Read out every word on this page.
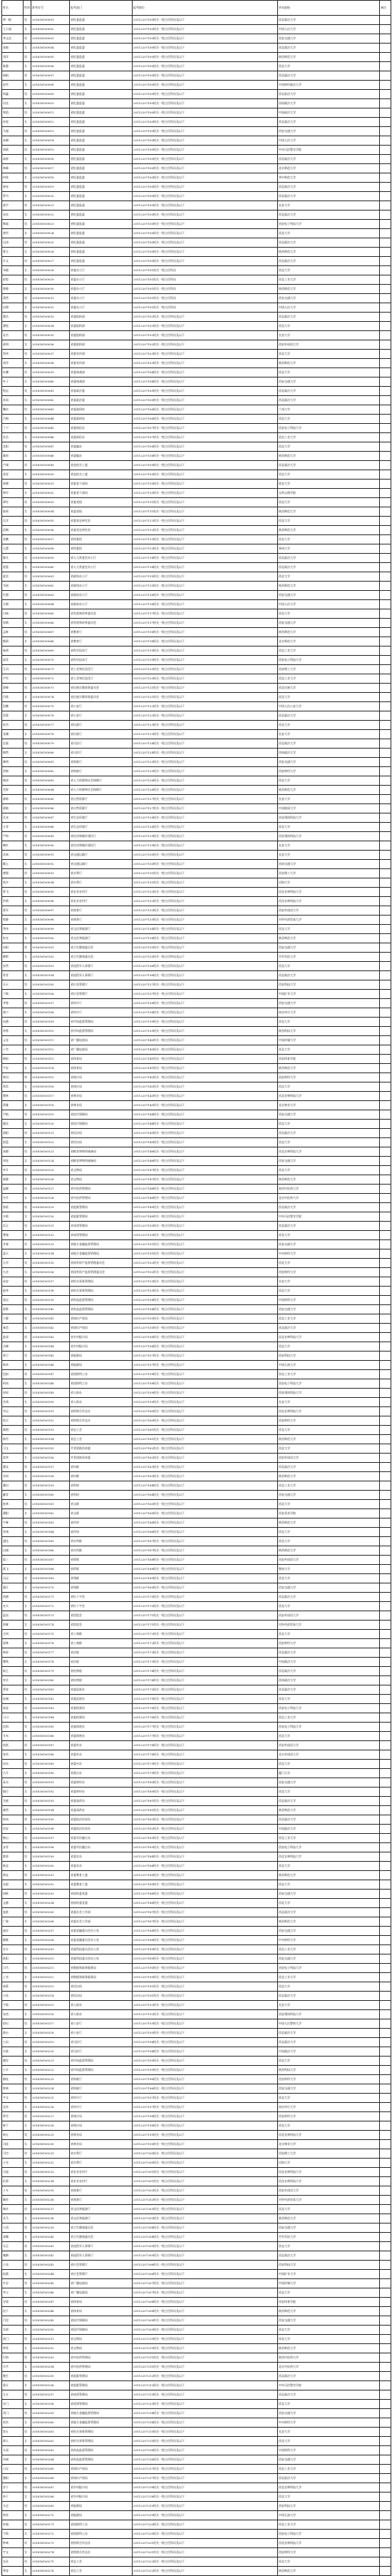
姓名	性别	准考证号	报考部门	报考职位	毕业院校	备注
黄一帆	男	201616100001	省纪委监委	20112207100机关一级主任科员及以下	西北政法大学	
王小丽	女	201616100002	省纪委监委	20112207100机关一级主任科员及以下	中国人民大学	
李文浩	男	201616100003	省纪委监委	20112207100机关一级主任科员及以下	西安交通大学	
张敏	女	201616100004	省纪委监委	20112207100机关一级主任科员及以下	西北政法大学	
刘洋	男	201616100005	省纪委监委	20112207100机关一级主任科员及以下	陕西师范大学	
陈静	女	201616100006	省纪委监委	20112207100机关一级主任科员及以下	西北大学	
杨帆	男	201616100007	省纪委监委	20112207100机关一级主任科员及以下	西北政法大学	
赵雪	女	201616100008	省纪委监委	20112207100机关一级主任科员及以下	中南财经政法大学	
周鑫	男	201616100009	省纪委监委	20112207100机关一级主任科员及以下	西北政法大学	
吴佳	女	201616100010	省纪委监委	20112207100机关一级主任科员及以下	西南政法大学	
郑凯	男	201616100011	省纪委监委	20112207100机关一级主任科员及以下	中国政法大学	
孙悦	女	201616100012	省纪委监委	20112207100机关一级主任科员及以下	西北政法大学	
马超	男	201616100013	省纪委监委	20112207100机关一级主任科员及以下	西安交通大学	
朱琳	女	201616100014	省纪委监委	20112207100机关一级主任科员及以下	中国人民大学	
胡斌	男	201616100015	省纪委监委	20112207100机关一级主任科员及以下	中央司法警官学院	
高婷	女	201616100016	省纪委监委	20112207100机关一级主任科员及以下	西北政法大学	
林峰	男	201616100017	省纪委监委	20112207100机关一级主任科员及以下	北京师范大学	
何欣	女	201616100018	省纪委监委	20112207100机关一级主任科员及以下	华中师范大学	
郭亮	男	201616100019	省纪委监委	20112207100机关一级主任科员及以下	西北政法大学	
罗丹	女	201616100020	省纪委监委	20112207100机关一级主任科员及以下	西北政法大学	
梁宇	男	201616100021	省纪委监委	20112207100机关一级主任科员及以下	长安大学	
宋佳	女	201616100022	省纪委监委	20112207100机关一级主任科员及以下	西北政法大学	
韩磊	男	201616100023	省纪委监委	20112207100机关一级主任科员及以下	西安电子科技大学	
唐雪	女	201616100024	省纪委监委	20112207100机关一级主任科员及以下	西北大学	
冯涛	男	201616100025	省纪委监委	20112207100机关一级主任科员及以下	西北政法大学	
曹玉	女	201616100026	省纪委监委	20112207100机关一级主任科员及以下	陕西师范大学	
许文	男	201616100027	省纪委监委	20112207100机关一级主任科员及以下	西北政法大学	
邓晓	女	201616100028	省委办公厅	20112207101机关一级主任科员	西北大学	
彭程	男	201616100029	省委办公厅	20112207101机关一级主任科员	西北工业大学	
曾静	女	201616100030	省委办公厅	20112207101机关一级主任科员	陕西师范大学	
萧然	男	201616100031	省委办公厅	20112207101机关一级主任科员	西安交通大学	
田甜	女	201616100032	省委办公厅	20112207101机关一级主任科员	中国人民大学	
董浩	男	201616100033	省委组织部	20112207102机关一级主任科员及以下	西北政法大学	
潘悦	女	201616100034	省委组织部	20112207102机关一级主任科员及以下	西北大学	
袁杰	男	201616100035	省委组织部	20112207102机关一级主任科员及以下	长安大学	
蒋琪	女	201616100036	省委组织部	20112207102机关一级主任科员及以下	西安外国语大学	
蔡伟	男	201616100037	省委宣传部	20112207103机关一级主任科员及以下	西北大学	
余萍	女	201616100038	省委宣传部	20112207103机关一级主任科员及以下	陕西师范大学	
杜鹏	男	201616100039	省委统战部	20112207104机关一级主任科员及以下	西北大学	
叶子	女	201616100040	省委统战部	20112207104机关一级主任科员及以下	西安交通大学	
程远	男	201616100041	省委政法委	20112207105机关一级主任科员及以下	西北政法大学	
苏雨	女	201616100042	省委政法委	20112207105机关一级主任科员及以下	西北政法大学	
魏东	男	201616100043	省委政研室	20112207106机关一级主任科员及以下	兰州大学	
吕梅	女	201616100044	省委政研室	20112207106机关一级主任科员及以下	西北大学	
丁宁	男	201616100045	省委网信办	20112207107机关一级主任科员及以下	西安电子科技大学	
任洁	女	201616100046	省委网信办	20112207107机关一级主任科员及以下	西北工业大学	
沈阳	男	201616100047	省委编办	20112207108机关一级主任科员及以下	西北大学	
姚瑶	女	201616100048	省委编办	20112207108机关一级主任科员及以下	陕西师范大学	
卢刚	男	201616100049	省直机关工委	20112207109机关一级主任科员及以下	西北政法大学	
姜雯	女	201616100050	省直机关工委	20112207109机关一级主任科员及以下	西北大学	
崔健	男	201616100051	省委老干部局	20112207110机关一级主任科员及以下	延安大学	
钟玲	女	201616100052	省委老干部局	20112207110机关一级主任科员及以下	宝鸡文理学院	
谭军	男	201616100053	省委党校	20112207111机关一级主任科员及以下	西北大学	
陆瑶	女	201616100054	省委党校	20112207111机关一级主任科员及以下	陕西师范大学	
汪洋	男	201616100055	省委党史研究室	20112207112机关一级主任科员及以下	西北大学	
范琳	女	201616100056	省委党史研究室	20112207112机关一级主任科员及以下	陕西师范大学	
金鹏	男	201616100057	省档案馆	20112207113机关一级主任科员及以下	西北大学	
石慧	女	201616100058	省档案馆	20112207113机关一级主任科员及以下	郑州大学	
廖凡	男	201616100059	省人大常委会办公厅	20112207114机关一级主任科员及以下	西北政法大学	
贾蕾	女	201616100060	省人大常委会办公厅	20112207114机关一级主任科员及以下	西北政法大学	
夏雷	男	201616100061	省政协办公厅	20112207115机关一级主任科员及以下	西北大学	
韦丽	女	201616100062	省政协办公厅	20112207115机关一级主任科员及以下	陕西师范大学	
付强	男	201616100063	省政府办公厅	20112207116机关一级主任科员及以下	西安交通大学	
方圆	女	201616100064	省政府办公厅	20112207116机关一级主任科员及以下	中国人民大学	
白杨	男	201616100065	省发展和改革委员会	20112207117机关一级主任科员及以下	西北大学	
邹晴	女	201616100066	省发展和改革委员会	20112207117机关一级主任科员及以下	西安交通大学	
孟辉	男	201616100067	省教育厅	20112207118机关一级主任科员及以下	陕西师范大学	
熊莉	女	201616100068	省教育厅	20112207118机关一级主任科员及以下	北京师范大学	
秦勇	男	201616100069	省科学技术厅	20112207119机关一级主任科员及以下	西北工业大学	
邱菲	女	201616100070	省科学技术厅	20112207119机关一级主任科员及以下	西安电子科技大学	
江河	男	201616100071	省工业和信息化厅	20112207120机关一级主任科员及以下	西安理工大学	
尹雪	女	201616100072	省工业和信息化厅	20112207120机关一级主任科员及以下	西北工业大学	
薛峰	男	201616100073	省民族宗教事务委员会	20112207121机关一级主任科员及以下	西北民族大学	
闫欣	女	201616100074	省民族宗教事务委员会	20112207121机关一级主任科员及以下	西北大学	
段鹏	男	201616100075	省公安厅	20112207122机关一级主任科员及以下	中国人民公安大学	
雷蕾	女	201616100076	省公安厅	20112207122机关一级主任科员及以下	西北政法大学	
侯杰	男	201616100077	省民政厅	20112207123机关一级主任科员及以下	西北大学	
龙珊	女	201616100078	省民政厅	20112207123机关一级主任科员及以下	长安大学	
史磊	男	201616100079	省司法厅	20112207124机关一级主任科员及以下	西北政法大学	
陶然	女	201616100080	省司法厅	20112207124机关一级主任科员及以下	西南政法大学	
黎明	男	201616100081	省财政厅	20112207125机关一级主任科员及以下	西安交通大学	
贺敏	女	201616100082	省财政厅	20112207125机关一级主任科员及以下	西安财经大学	
顾涛	男	201616100083	省人力资源和社会保障厅	20112207126机关一级主任科员及以下	西北大学	
毛婷	女	201616100084	省人力资源和社会保障厅	20112207126机关一级主任科员及以下	陕西师范大学	
郝帅	男	201616100085	省自然资源厅	20112207127机关一级主任科员及以下	长安大学	
邵敏	女	201616100086	省自然资源厅	20112207127机关一级主任科员及以下	中国地质大学	
孔亮	男	201616100087	省生态环境厅	20112207128机关一级主任科员及以下	西安建筑科技大学	
万青	女	201616100088	省生态环境厅	20112207128机关一级主任科员及以下	西北大学	
严格	男	201616100089	省住房和城乡建设厅	20112207129机关一级主任科员及以下	西安建筑科技大学	
赖红	女	201616100090	省住房和城乡建设厅	20112207129机关一级主任科员及以下	长安大学	
武斌	男	201616100091	省交通运输厅	20112207130机关一级主任科员及以下	长安大学	
戴玉	女	201616100092	省交通运输厅	20112207130机关一级主任科员及以下	西南交通大学	
傅强	男	201616100093	省水利厅	20112207131机关一级主任科员及以下	西安理工大学	
钱多	女	201616100094	省水利厅	20112207131机关一级主任科员及以下	河海大学	
覃飞	男	201616100095	省农业农村厅	20112207132机关一级主任科员及以下	西北农林科技大学	
洪霞	女	201616100096	省农业农村厅	20112207132机关一级主任科员及以下	西北农林科技大学	
葛军	男	201616100097	省商务厅	20112207133机关一级主任科员及以下	西安外国语大学	
殷静	女	201616100098	省商务厅	20112207133机关一级主任科员及以下	对外经济贸易大学	
季伟	男	201616100099	省文化和旅游厅	20112207134机关一级主任科员及以下	西北大学	
时光	女	201616100100	省文化和旅游厅	20112207134机关一级主任科员及以下	陕西师范大学	
向阳	男	201616100101	省卫生健康委员会	20112207135机关一级主任科员及以下	西安交通大学	
柳絮	女	201616100102	省卫生健康委员会	20112207135机关一级主任科员及以下	空军军医大学	
安然	男	201616100103	省退役军人事务厅	20112207136机关一级主任科员及以下	西北大学	
常青	女	201616100104	省退役军人事务厅	20112207136机关一级主任科员及以下	西北政法大学	
乐天	男	201616100105	省应急管理厅	20112207137机关一级主任科员及以下	西安科技大学	
于敏	女	201616100106	省应急管理厅	20112207137机关一级主任科员及以下	中国矿业大学	
齐鲁	男	201616100107	省审计厅	20112207138机关一级主任科员及以下	西安交通大学	
康宁	女	201616100108	省审计厅	20112207138机关一级主任科员及以下	南京审计大学	
伍德	男	201616100109	省市场监督管理局	20112207139机关一级主任科员及以下	西北大学	
余香	女	201616100110	省市场监督管理局	20112207139机关一级主任科员及以下	陕西科技大学	
元亮	男	201616100111	省广播电视局	20112207140机关一级主任科员及以下	中国传媒大学	
卜雪	女	201616100112	省广播电视局	20112207140机关一级主任科员及以下	西北大学	
顾盼	男	201616100113	省体育局	20112207141机关一级主任科员及以下	西安体育学院	
平安	女	201616100114	省体育局	20112207141机关一级主任科员及以下	陕西师范大学	
黄河	男	201616100115	省统计局	20112207142机关一级主任科员及以下	西安财经大学	
和美	女	201616100116	省统计局	20112207142机关一级主任科员及以下	西北大学	
穆林	男	201616100117	省林业局	20112207143机关一级主任科员及以下	西北农林科技大学	
萧雅	女	201616100118	省林业局	20112207143机关一级主任科员及以下	北京林业大学	
尹航	男	201616100119	省医疗保障局	20112207144机关一级主任科员及以下	西安交通大学	
姚佳	女	201616100120	省医疗保障局	20112207144机关一级主任科员及以下	西北大学	
邵阳	男	201616100121	省信访局	20112207145机关一级主任科员及以下	西北政法大学	
湛蓝	女	201616100122	省信访局	20112207145机关一级主任科员及以下	西北大学	
汤圆	男	201616100123	省粮食和物资储备局	20112207146机关一级主任科员及以下	西北农林科技大学	
祁连	女	201616100124	省粮食和物资储备局	20112207146机关一级主任科员及以下	西安交通大学	
毕升	男	201616100125	省文物局	20112207147机关一级主任科员及以下	西北大学	
郝静	女	201616100126	省文物局	20112207147机关一级主任科员及以下	陕西师范大学	
温暖	男	201616100127	省中医药管理局	20112207148机关一级主任科员及以下	陕西中医药大学	
冷月	女	201616100128	省中医药管理局	20112207148机关一级主任科员及以下	北京中医药大学	
鲁班	男	201616100129	省监狱管理局	20112207149机关一级主任科员及以下	西北政法大学	
车敏	女	201616100130	省监狱管理局	20112207149机关一级主任科员及以下	中央司法警官学院	
匡正	男	201616100131	省戒毒管理局	20112207150机关一级主任科员及以下	西北政法大学	
楚瑜	女	201616100132	省戒毒管理局	20112207150机关一级主任科员及以下	西北大学	
甘霖	男	201616100133	省地方金融监督管理局	20112207151机关一级主任科员及以下	西安交通大学	
蓝天	女	201616100134	省地方金融监督管理局	20112207151机关一级主任科员及以下	中央财经大学	
左岸	男	201616100135	省国有资产监督管理委员会	20112207152机关一级主任科员及以下	西北大学	
右舍	女	201616100136	省国有资产监督管理委员会	20112207152机关一级主任科员及以下	西安财经大学	
易安	男	201616100137	省机关事务管理局	20112207153机关一级主任科员及以下	长安大学	
韶华	女	201616100138	省机关事务管理局	20112207153机关一级主任科员及以下	西北大学	
聂远	男	201616100139	省药品监督管理局	20112207154机关一级主任科员及以下	中国药科大学	
晏紫	女	201616100140	省药品监督管理局	20112207154机关一级主任科员及以下	西安交通大学	
宁静	男	201616100141	省知识产权局	20112207155机关一级主任科员及以下	西北工业大学	
虞美	女	201616100142	省知识产权局	20112207155机关一级主任科员及以下	西北政法大学	
池深	男	201616100143	省乡村振兴局	20112207156机关一级主任科员及以下	西北农林科技大学	
岳峰	女	201616100144	省乡村振兴局	20112207156机关一级主任科员及以下	西北大学	
景行	男	201616100145	省能源局	20112207157机关一级主任科员及以下	西安科技大学	
简单	女	201616100146	省能源局	20112207157机关一级主任科员及以下	中国石油大学	
钮扣	男	201616100147	省国防科工办	20112207158机关一级主任科员及以下	西北工业大学	
柯南	女	201616100148	省国防科工办	20112207158机关一级主任科员及以下	西安电子科技大学	
屈原	男	201616100149	省人防办	20112207159机关一级主任科员及以下	西安建筑科技大学	
宫商	女	201616100150	省人防办	20112207159机关一级主任科员及以下	长安大学	
幸运	男	201616100151	省供销合作总社	20112207160机关一级主任科员及以下	西北农林科技大学	
詹天	女	201616100152	省供销合作总社	20112207160机关一级主任科员及以下	西安财经大学	
蔺相	男	201616100153	省总工会	20112207161机关一级主任科员及以下	西北大学	
邬雪	女	201616100154	省总工会	20112207161机关一级主任科员及以下	陕西师范大学	
习文	男	201616100155	共青团陕西省委	20112207162机关一级主任科员及以下	西北大学	
栾华	女	201616100156	共青团陕西省委	20112207162机关一级主任科员及以下	西安外国语大学	
冀北	男	201616100157	省妇联	20112207163机关一级主任科员及以下	西北政法大学	
谷雨	女	201616100158	省妇联	20112207163机关一级主任科员及以下	陕西师范大学	
桑田	男	201616100159	省科协	20112207164机关一级主任科员及以下	西北工业大学	
郦青	女	201616100160	省科协	20112207164机关一级主任科员及以下	西安交通大学	
桂林	男	201616100161	省文联	20112207165机关一级主任科员及以下	西北大学	
濮阳	女	201616100162	省文联	20112207165机关一级主任科员及以下	西安美术学院	
牛犇	男	201616100163	省作协	20112207166机关一级主任科员及以下	陕西师范大学	
寿康	女	201616100164	省作协	20112207166机关一级主任科员及以下	西北大学	
通达	男	201616100165	省社科联	20112207167机关一级主任科员及以下	西北大学	
边城	女	201616100166	省社科联	20112207167机关一级主任科员及以下	陕西师范大学	
扈三	男	201616100167	省侨联	20112207168机关一级主任科员及以下	西安外国语大学	
燕飞	女	201616100168	省侨联	20112207168机关一级主任科员及以下	暨南大学	
冯远	男	201616100169	省残联	20112207169机关一级主任科员及以下	西北大学	
浦江	女	201616100170	省残联	20112207169机关一级主任科员及以下	西安交通大学	
尚德	男	201616100171	省红十字会	20112207170机关一级主任科员及以下	西北政法大学	
农夫	女	201616100172	省红十字会	20112207170机关一级主任科员及以下	西北大学	
温良	男	201616100173	省贸促会	20112207171机关一级主任科员及以下	西安外国语大学	
别雁	女	201616100174	省贸促会	20112207171机关一级主任科员及以下	对外经济贸易大学	
庄周	男	201616100175	省工商联	20112207172机关一级主任科员及以下	西北大学	
晏殊	女	201616100176	省工商联	20112207172机关一级主任科员及以下	西安财经大学	
柴扉	男	201616100177	省法院	20112207173机关一级主任科员及以下	西北政法大学	
瞿秋	女	201616100178	省法院	20112207173机关一级主任科员及以下	中国政法大学	
阎王	男	201616100179	省检察院	20112207174机关一级主任科员及以下	西北政法大学	
充实	女	201616100180	省检察院	20112207174机关一级主任科员及以下	西南政法大学	
慕容	男	201616100181	省委巡视办	20112207175机关一级主任科员及以下	西北政法大学	
连城	女	201616100182	省委巡视办	20112207175机关一级主任科员及以下	西北大学	
茹意	男	201616100183	省委机要局	20112207176机关一级主任科员及以下	西安电子科技大学	
习习	女	201616100184	省委机要局	20112207176机关一级主任科员及以下	西北工业大学	
宦海	男	201616100185	省委保密办	20112207177机关一级主任科员及以下	西安电子科技大学	
艾米	女	201616100186	省委保密办	20112207177机关一级主任科员及以下	西北大学	
鱼跃	男	201616100187	省委外办	20112207178机关一级主任科员及以下	西安外国语大学	
容若	女	201616100188	省委外办	20112207178机关一级主任科员及以下	北京外国语大学	
向东	男	201616100189	省委台办	20112207179机关一级主任科员及以下	西北大学	
古月	女	201616100190	省委台办	20112207179机关一级主任科员及以下	厦门大学	
易水	男	201616100191	省委财经办	20112207180机关一级主任科员及以下	西安交通大学	
慎行	女	201616100192	省委财经办	20112207180机关一级主任科员及以下	西北大学	
戈壁	男	201616100193	省委深改办	20112207181机关一级主任科员及以下	西北政法大学	
廖然	女	201616100194	省委深改办	20112207181机关一级主任科员及以下	陕西师范大学	
终南	男	201616100195	省委依法治省办	20112207182机关一级主任科员及以下	西北政法大学	
居安	女	201616100196	省委依法治省办	20112207182机关一级主任科员及以下	中国政法大学	
衡山	男	201616100197	省委军民融合办	20112207183机关一级主任科员及以下	西北工业大学	
步青	女	201616100198	省委军民融合办	20112207183机关一级主任科员及以下	西安电子科技大学	
都督	男	201616100199	省委农办	20112207184机关一级主任科员及以下	西北农林科技大学	
耿直	女	201616100200	省委农办	20112207184机关一级主任科员及以下	西北大学	
满仓	男	201616100201	省委教育工委	20112207185机关一级主任科员及以下	陕西师范大学	
弘毅	女	201616100202	省委教育工委	20112207185机关一级主任科员及以下	西北大学	
国栋	男	201616100203	省国资委党委	20112207186机关一级主任科员及以下	西安交通大学	
文静	女	201616100204	省国资委党委	20112207186机关一级主任科员及以下	西北大学	
寇准	男	201616100205	省委社会工作部	20112207187机关一级主任科员及以下	西北政法大学	
广陵	女	201616100206	省委社会工作部	20112207187机关一级主任科员及以下	陕西师范大学	
禄存	男	201616100207	省委金融委员会办公室	20112207188机关一级主任科员及以下	西安交通大学	
阙歌	女	201616100208	省委金融委员会办公室	20112207188机关一级主任科员及以下	中央财经大学	
东方	男	201616100209	省委科技委员会办公室	20112207189机关一级主任科员及以下	西北工业大学	
欧阳	女	201616100210	省委科技委员会办公室	20112207189机关一级主任科员及以下	西安交通大学	
司马	男	201616100211	省数据和政务服务局	20112207190机关一级主任科员及以下	西安电子科技大学	
上官	女	201616100212	省数据和政务服务局	20112207190机关一级主任科员及以下	西北工业大学	
诸葛	男	201616100213	省信访局	20112207191机关一级主任科员及以下	西北大学	
公孙	女	201616100214	省信访局	20112207191机关一级主任科员及以下	西北政法大学	
令狐	男	201616100215	省人防办	20112207192机关一级主任科员及以下	长安大学	
皇甫	女	201616100216	省人防办	20112207192机关一级主任科员及以下	西安建筑科技大学	
尉迟	男	201616100217	省公安厅	20112207193机关一级主任科员及以下	中国人民警察大学	
澹台	女	201616100218	省公安厅	20112207193机关一级主任科员及以下	西北政法大学	
公冶	男	201616100219	省司法厅	20112207194机关一级主任科员及以下	西北政法大学	
宗政	女	201616100220	省司法厅	20112207194机关一级主任科员及以下	中国政法大学	
濮存	男	201616100221	省市场监督管理局	20112207195机关一级主任科员及以下	西北大学	
公羊	女	201616100222	省市场监督管理局	20112207195机关一级主任科员及以下	陕西科技大学	
赫连	男	201616100223	省财政厅	20112207196机关一级主任科员及以下	西安财经大学	
钟离	女	201616100224	省财政厅	20112207196机关一级主任科员及以下	西安交通大学	
宇文	男	201616100225	省审计厅	20112207197机关一级主任科员及以下	西北大学	
长孙	女	201616100226	省审计厅	20112207197机关一级主任科员及以下	南京审计大学	
慕雪	男	201616100227	省统计局	20112207198机关一级主任科员及以下	西安财经大学	
鲜于	女	201616100228	省统计局	20112207198机关一级主任科员及以下	西北大学	
闾丘	男	201616100229	省林业局	20112207199机关一级主任科员及以下	西北农林科技大学	
司徒	女	201616100230	省林业局	20112207199机关一级主任科员及以下	北京林业大学	
司空	男	201616100231	省水利厅	20112207200机关一级主任科员及以下	西安理工大学	
亓官	女	201616100232	省水利厅	20112207200机关一级主任科员及以下	河海大学	
司寇	男	201616100233	省农业农村厅	20112207201机关一级主任科员及以下	西北农林科技大学	
仉督	女	201616100234	省农业农村厅	20112207201机关一级主任科员及以下	西北农林科技大学	
子车	男	201616100235	省商务厅	20112207202机关一级主任科员及以下	西安外国语大学	
颛孙	女	201616100236	省商务厅	20112207202机关一级主任科员及以下	对外经济贸易大学	
端木	男	201616100237	省文化和旅游厅	20112207203机关一级主任科员及以下	西北大学	
巫马	女	201616100238	省文化和旅游厅	20112207203机关一级主任科员及以下	陕西师范大学	
公西	男	201616100239	省卫生健康委员会	20112207204机关一级主任科员及以下	西安交通大学	
漆雕	女	201616100240	省卫生健康委员会	20112207204机关一级主任科员及以下	空军军医大学	
乐正	男	201616100241	省退役军人事务厅	20112207205机关一级主任科员及以下	西北大学	
壤驷	女	201616100242	省退役军人事务厅	20112207205机关一级主任科员及以下	西北政法大学	
公良	男	201616100243	省应急管理厅	20112207206机关一级主任科员及以下	西安科技大学	
拓跋	女	201616100244	省应急管理厅	20112207206机关一级主任科员及以下	中国矿业大学	
夹谷	男	201616100245	省广播电视局	20112207207机关一级主任科员及以下	中国传媒大学	
宰父	女	201616100246	省广播电视局	20112207207机关一级主任科员及以下	西北大学	
谷梁	男	201616100247	省体育局	20112207208机关一级主任科员及以下	西安体育学院	
段干	女	201616100248	省体育局	20112207208机关一级主任科员及以下	陕西师范大学	
百里	男	201616100249	省医疗保障局	20112207209机关一级主任科员及以下	西安交通大学	
东郭	女	201616100250	省医疗保障局	20112207209机关一级主任科员及以下	西北大学	
南门	男	201616100251	省文物局	20112207210机关一级主任科员及以下	西北大学	
呼延	女	201616100252	省文物局	20112207210机关一级主任科员及以下	陕西师范大学	
归海	男	201616100253	省中医药管理局	20112207211机关一级主任科员及以下	陕西中医药大学	
羊舌	女	201616100254	省中医药管理局	20112207211机关一级主任科员及以下	北京中医药大学	
微生	男	201616100255	省监狱管理局	20112207212机关一级主任科员及以下	西北政法大学	
梁丘	女	201616100256	省监狱管理局	20112207212机关一级主任科员及以下	中央司法警官学院	
左丘	男	201616100257	省戒毒管理局	20112207213机关一级主任科员及以下	西北政法大学	
东门	女	201616100258	省戒毒管理局	20112207213机关一级主任科员及以下	西北大学	
西门	男	201616100259	省地方金融监督管理局	20112207214机关一级主任科员及以下	西安交通大学	
南宫	女	201616100260	省地方金融监督管理局	20112207214机关一级主任科员及以下	中央财经大学	
第五	男	201616100261	省机关事务管理局	20112207215机关一级主任科员及以下	长安大学	
闻人	女	201616100262	省机关事务管理局	20112207215机关一级主任科员及以下	西北大学	
太叔	男	201616100263	省药品监督管理局	20112207216机关一级主任科员及以下	中国药科大学	
申屠	女	201616100264	省药品监督管理局	20112207216机关一级主任科员及以下	西安交通大学	
公仪	男	201616100265	省知识产权局	20112207217机关一级主任科员及以下	西北工业大学	
濮阳	女	201616100266	省知识产权局	20112207217机关一级主任科员及以下	西北政法大学	
淳于	男	201616100267	省乡村振兴局	20112207218机关一级主任科员及以下	西北农林科技大学	
单于	女	201616100268	省乡村振兴局	20112207218机关一级主任科员及以下	西北大学	
太史	男	201616100269	省能源局	20112207219机关一级主任科员及以下	西安科技大学	
仲孙	女	201616100270	省能源局	20112207219机关一级主任科员及以下	中国石油大学	
轩辕	男	201616100271	省国防科工办	20112207220机关一级主任科员及以下	西北工业大学	
令狐	女	201616100272	省国防科工办	20112207220机关一级主任科员及以下	西安电子科技大学	
钟离	男	201616100273	省供销合作总社	20112207221机关一级主任科员及以下	西北农林科技大学	
宇文	女	201616100274	省供销合作总社	20112207221机关一级主任科员及以下	西安财经大学	
长孙	男	201616100275	省总工会	20112207222机关一级主任科员及以下	西北大学	
慕容	女	201616100276	省总工会	20112207222机关一级主任科员及以下	陕西师范大学	
